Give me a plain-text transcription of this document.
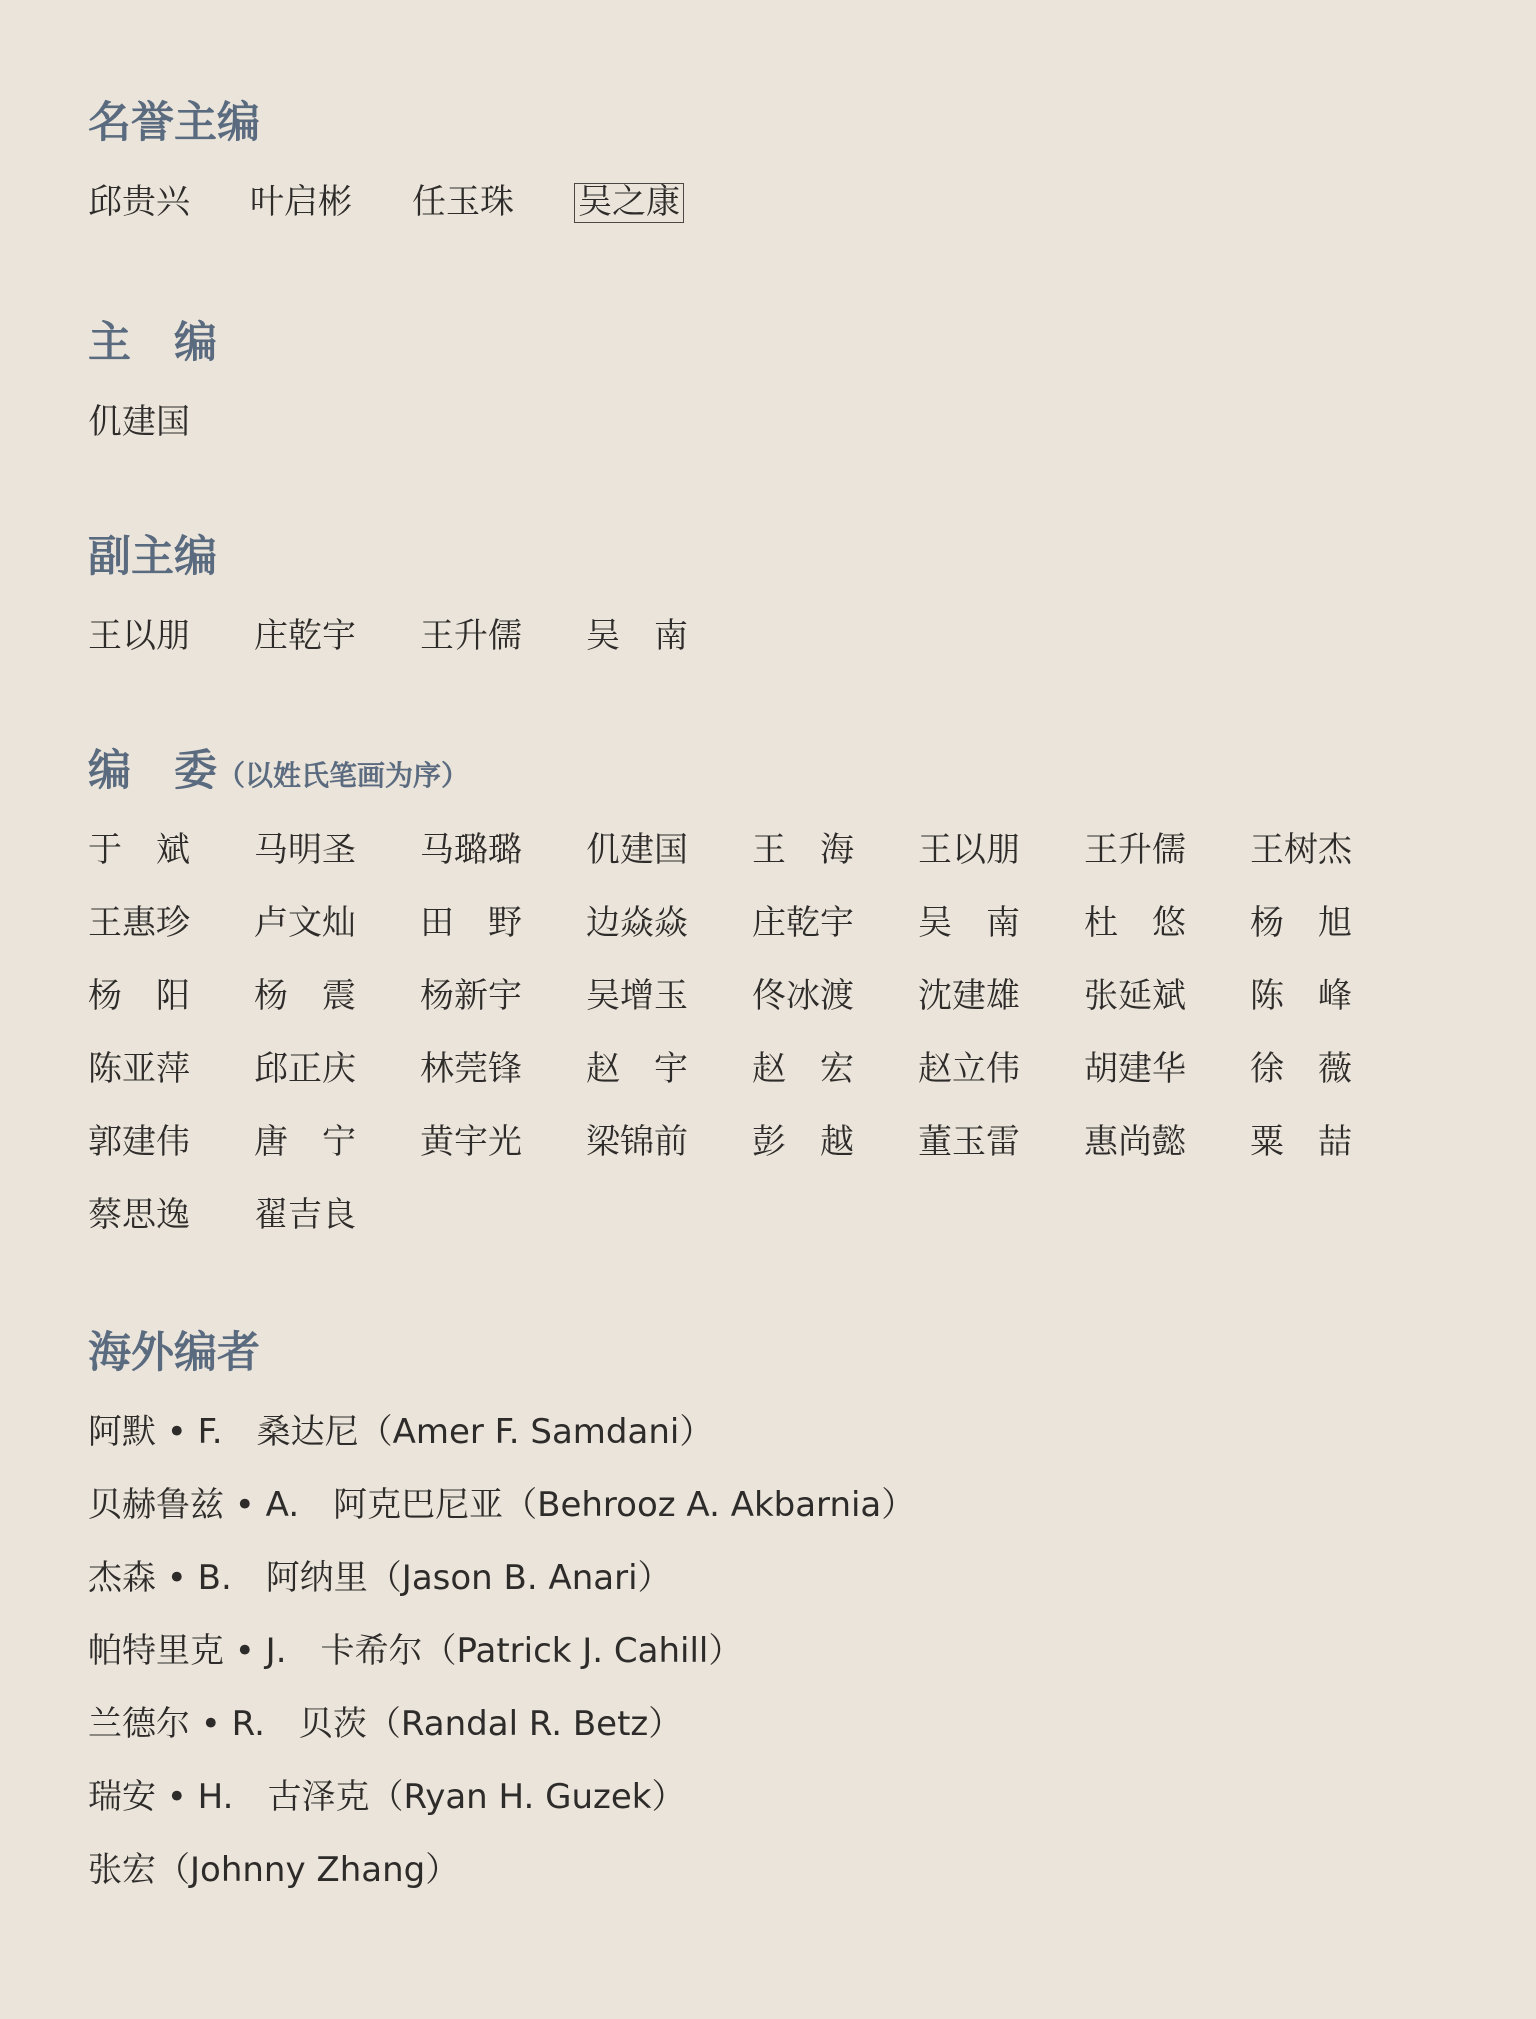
名誉主编
邱贵兴 叶启彬 任玉珠 吴之康
主　编
仉建国
副主编
王以朋 庄乾宇 王升儒 吴　南
编　委（以姓氏笔画为序）
于　斌	马明圣	马璐璐	仉建国	王　海	王以朋	王升儒	王树杰
王惠珍	卢文灿	田　野	边焱焱	庄乾宇	吴　南	杜　悠	杨　旭
杨　阳	杨　震	杨新宇	吴增玉	佟冰渡	沈建雄	张延斌	陈　峰
陈亚萍	邱正庆	林莞锋	赵　宇	赵　宏	赵立伟	胡建华	徐　薇
郭建伟	唐　宁	黄宇光	梁锦前	彭　越	董玉雷	惠尚懿	粟　喆
蔡思逸	翟吉良
海外编者
阿默 • F.　桑达尼（Amer F. Samdani）
贝赫鲁兹 • A.　阿克巴尼亚（Behrooz A. Akbarnia）
杰森 • B.　阿纳里（Jason B. Anari）
帕特里克 • J.　卡希尔（Patrick J. Cahill）
兰德尔 • R.　贝茨（Randal R. Betz）
瑞安 • H.　古泽克（Ryan H. Guzek）
张宏（Johnny Zhang）
